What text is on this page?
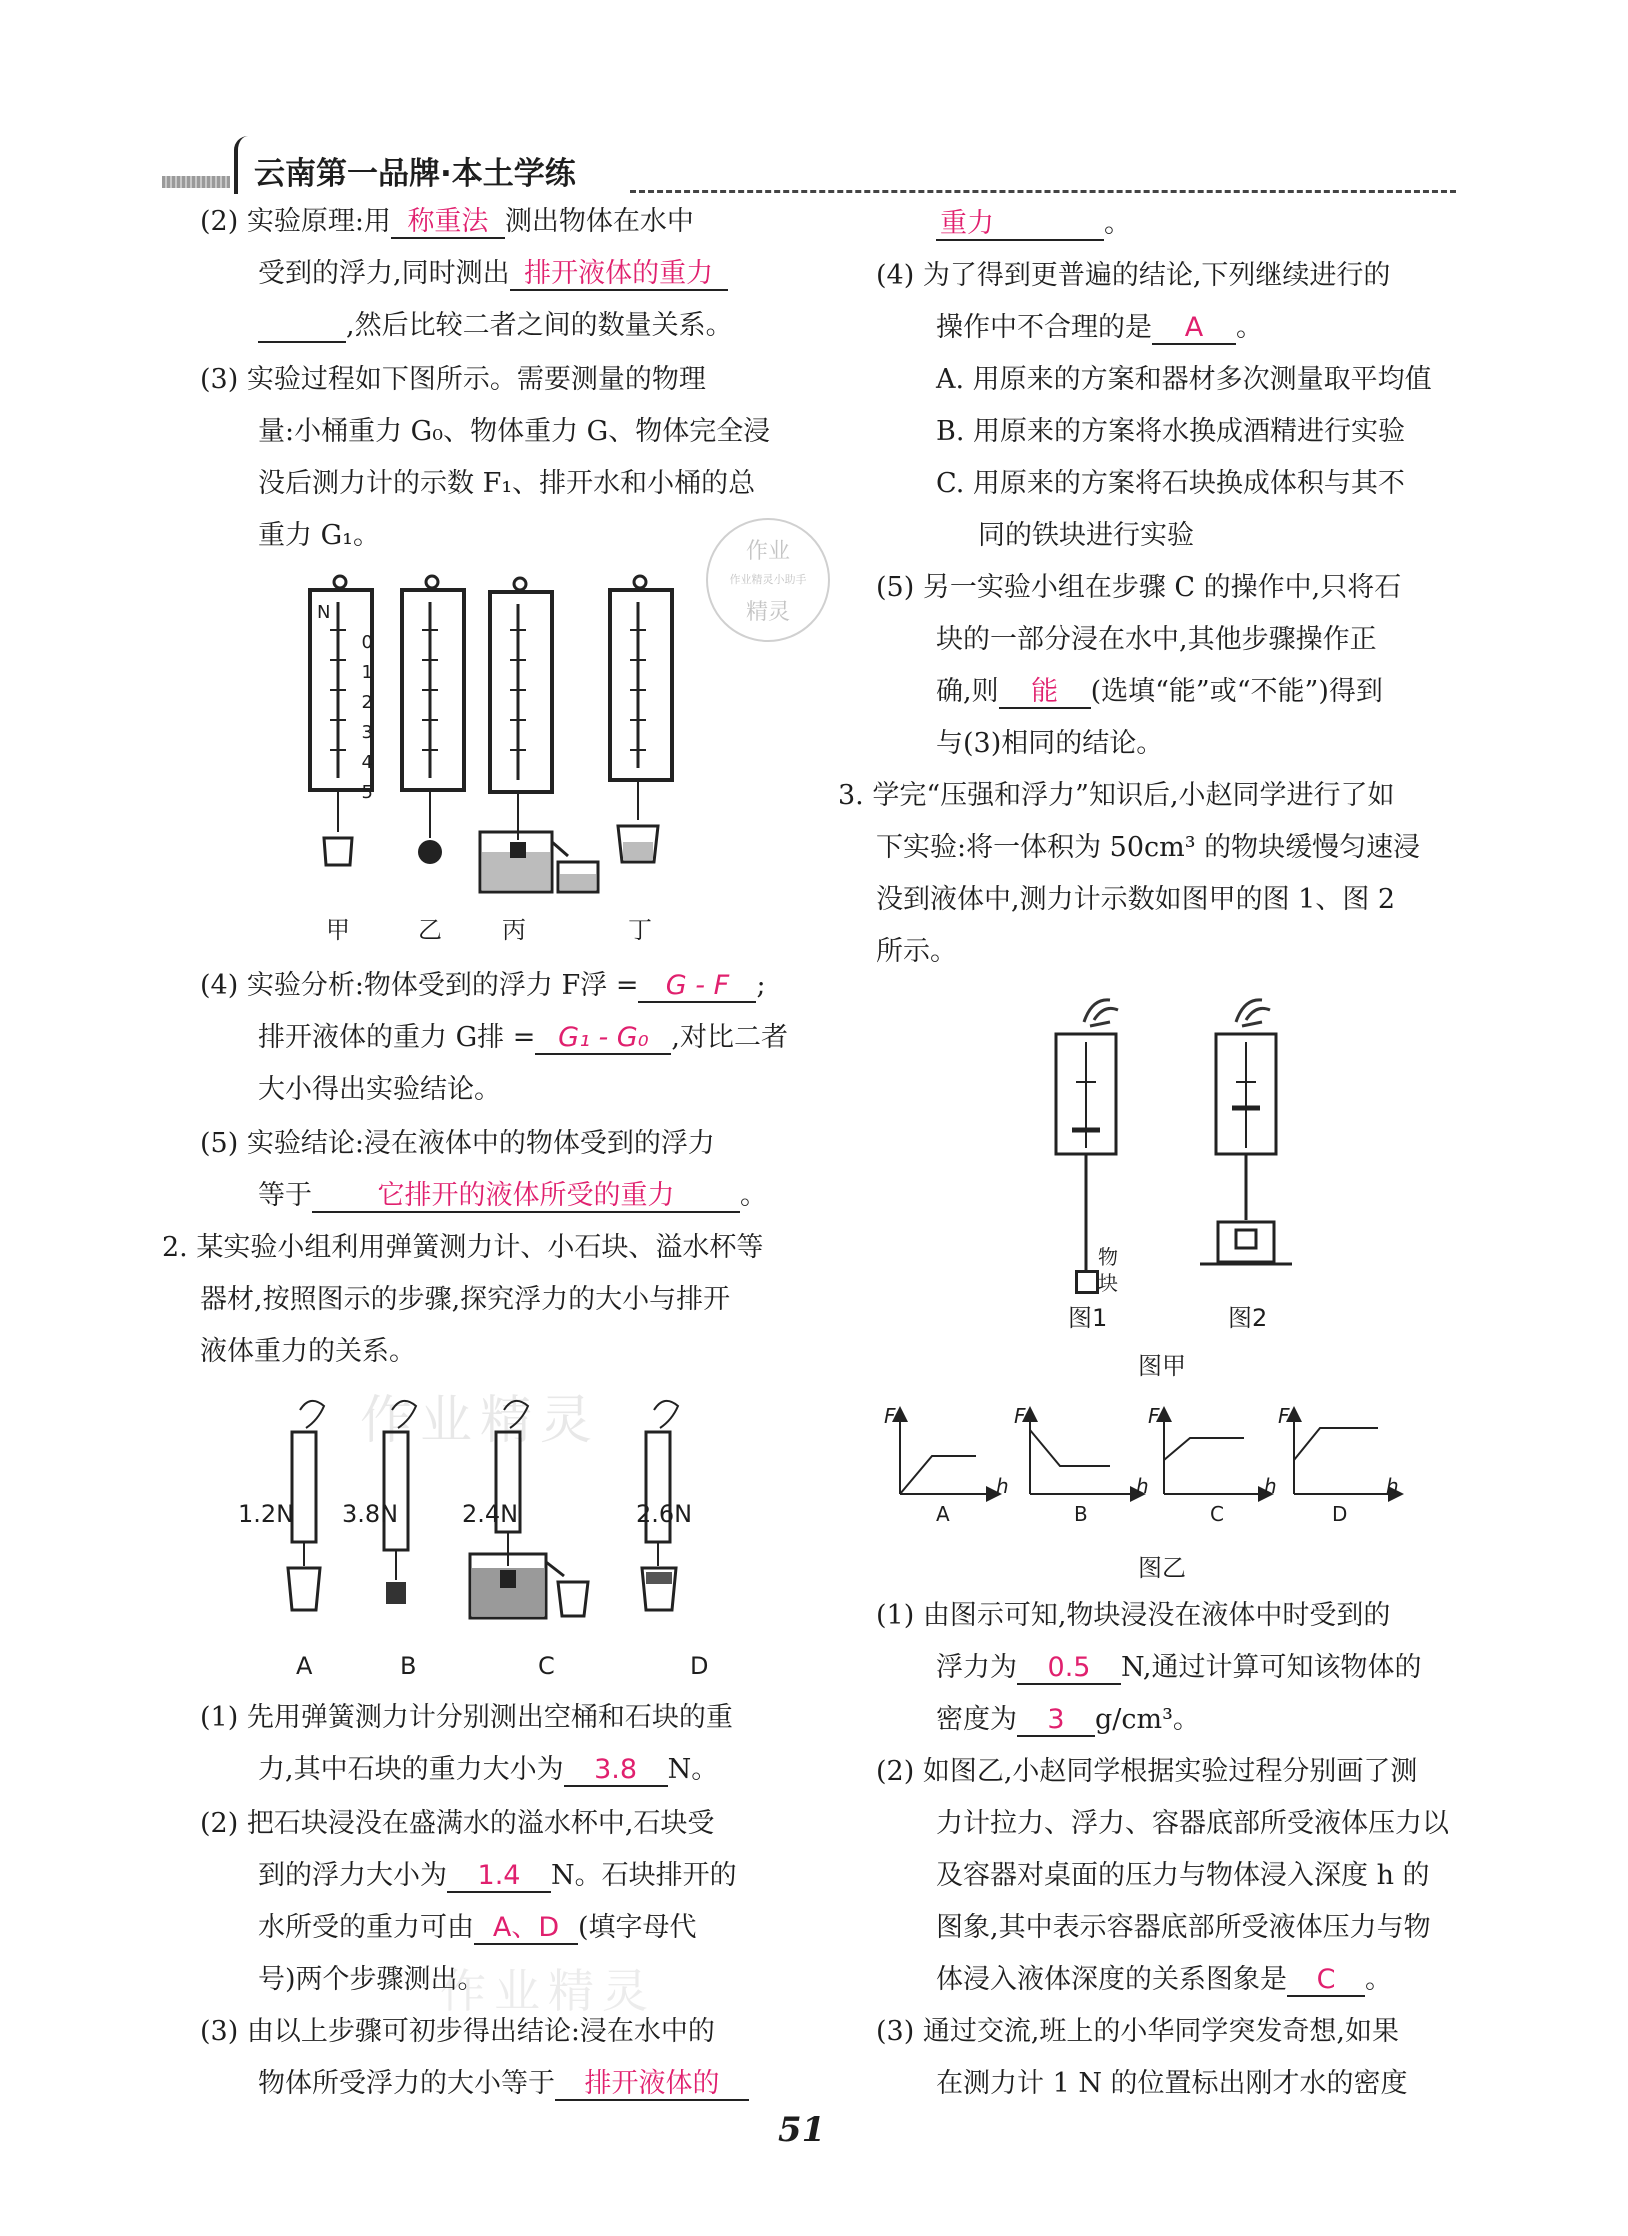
云南第一品牌·本土学练
作业
作业精灵小助手
精灵
作业精灵
作业精灵
(2) 实验原理:用 称重法 测出物体在水中
受到的浮力,同时测出 排开液体的重力
,然后比较二者之间的数量关系。
(3) 实验过程如下图所示。需要测量的物理
量:小桶重力 G₀、物体重力 G、物体完全浸
没后测力计的示数 F₁、排开水和小桶的总
重力 G₁。
N
0
1
2
3
4
5
甲	乙	丙	丁
(4) 实验分析:物体受到的浮力 F浮 = G - F ;
排开液体的重力 G排 = G₁ - G₀ ,对比二者
大小得出实验结论。
(5) 实验结论:浸在液体中的物体受到的浮力
等于 它排开的液体所受的重力 。
2. 某实验小组利用弹簧测力计、小石块、溢水杯等
器材,按照图示的步骤,探究浮力的大小与排开
液体重力的关系。
1.2N 3.8N	2.4N	2.6N
A	B	C	D
(1) 先用弹簧测力计分别测出空桶和石块的重
力,其中石块的重力大小为 3.8 N。
(2) 把石块浸没在盛满水的溢水杯中,石块受
到的浮力大小为 1.4 N。石块排开的
水所受的重力可由 A、D (填字母代
号)两个步骤测出。
(3) 由以上步骤可初步得出结论:浸在水中的
物体所受浮力的大小等于 排开液体的
重力	。
(4) 为了得到更普遍的结论,下列继续进行的
操作中不合理的是 A 。
A. 用原来的方案和器材多次测量取平均值
B. 用原来的方案将水换成酒精进行实验
C. 用原来的方案将石块换成体积与其不
同的铁块进行实验
(5) 另一实验小组在步骤 C 的操作中,只将石
块的一部分浸在水中,其他步骤操作正
确,则 能 (选填“能”或“不能”)得到
与(3)相同的结论。
3. 学完“压强和浮力”知识后,小赵同学进行了如
下实验:将一体积为 50cm³ 的物块缓慢匀速浸
没到液体中,测力计示数如图甲的图 1、图 2
所示。
物块
图1	图2
图甲
F	F	F	F
h	h	h	h
A	B	C	D
图乙
(1) 由图示可知,物块浸没在液体中时受到的
浮力为 0.5 N,通过计算可知该物体的
密度为 3 g/cm³。
(2) 如图乙,小赵同学根据实验过程分别画了测
力计拉力、浮力、容器底部所受液体压力以
及容器对桌面的压力与物体浸入深度 h 的
图象,其中表示容器底部所受液体压力与物
体浸入液体深度的关系图象是 C 。
(3) 通过交流,班上的小华同学突发奇想,如果
在测力计 1 N 的位置标出刚才水的密度
51
